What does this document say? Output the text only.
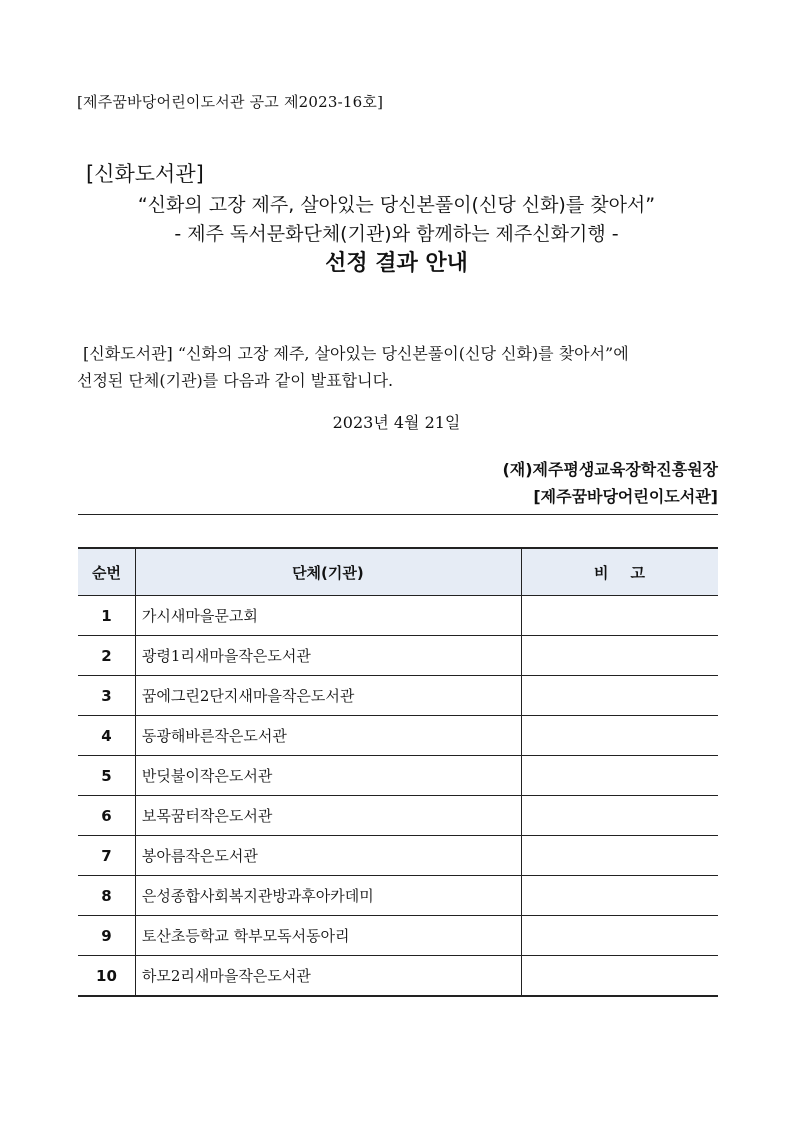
[제주꿈바당어린이도서관 공고 제2023-16호]
[신화도서관]
“신화의 고장 제주, 살아있는 당신본풀이(신당 신화)를 찾아서”
- 제주 독서문화단체(기관)와 함께하는 제주신화기행 -
선정 결과 안내

[신화도서관] “신화의 고장 제주, 살아있는 당신본풀이(신당 신화)를 찾아서”에

선정된 단체(기관)를 다음과 같이 발표합니다.

2023년 4월 21일
(재)제주평생교육장학진흥원장
[제주꿈바당어린이도서관]
순번	단체(기관)	비고
1	가시새마을문고회	
2	광령1리새마을작은도서관	
3	꿈에그린2단지새마을작은도서관	
4	동광해바른작은도서관	
5	반딧불이작은도서관	
6	보목꿈터작은도서관	
7	봉아름작은도서관	
8	은성종합사회복지관방과후아카데미	
9	토산초등학교 학부모독서동아리	
10	하모2리새마을작은도서관	
